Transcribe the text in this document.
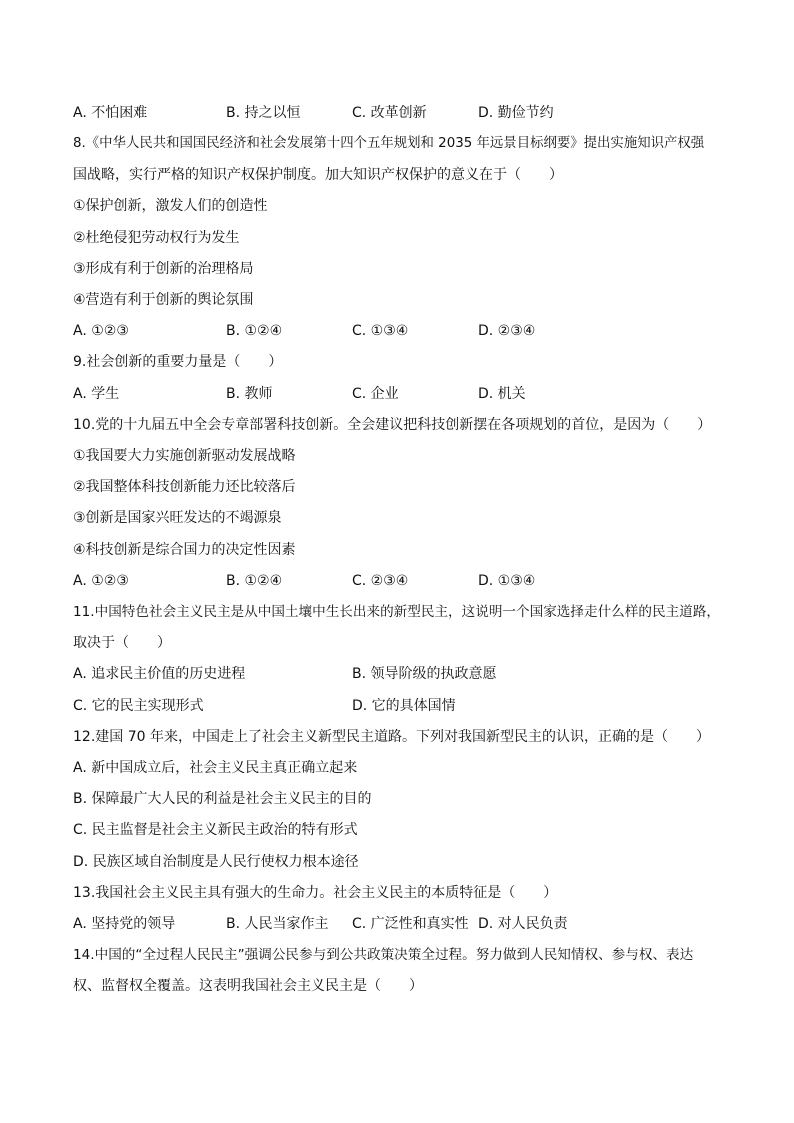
A. 不怕困难	B. 持之以恒	C. 改革创新	D. 勤俭节约
8.《中华人民共和国国民经济和社会发展第十四个五年规划和 2035 年远景目标纲要》提出实施知识产权强
国战略，实行严格的知识产权保护制度。加大知识产权保护的意义在于（　　）
①保护创新，激发人们的创造性
②杜绝侵犯劳动权行为发生
③形成有利于创新的治理格局
④营造有利于创新的舆论氛围
A. ①②③	B. ①②④	C. ①③④	D. ②③④
9.社会创新的重要力量是（　　）
A. 学生	B. 教师	C. 企业	D. 机关
10.党的十九届五中全会专章部署科技创新。全会建议把科技创新摆在各项规划的首位，是因为（　　）
①我国要大力实施创新驱动发展战略
②我国整体科技创新能力还比较落后
③创新是国家兴旺发达的不竭源泉
④科技创新是综合国力的决定性因素
A. ①②③	B. ①②④	C. ②③④	D. ①③④
11.中国特色社会主义民主是从中国土壤中生长出来的新型民主，这说明一个国家选择走什么样的民主道路，
取决于（　　）
A. 追求民主价值的历史进程	B. 领导阶级的执政意愿
C. 它的民主实现形式	D. 它的具体国情
12.建国 70 年来，中国走上了社会主义新型民主道路。下列对我国新型民主的认识，正确的是（　　）
A. 新中国成立后，社会主义民主真正确立起来
B. 保障最广大人民的利益是社会主义民主的目的
C. 民主监督是社会主义新民主政治的特有形式
D. 民族区域自治制度是人民行使权力根本途径
13.我国社会主义民主具有强大的生命力。社会主义民主的本质特征是（　　）
A. 坚持党的领导	B. 人民当家作主 C. 广泛性和真实性 D. 对人民负责
14.中国的“全过程人民民主”强调公民参与到公共政策决策全过程。努力做到人民知情权、参与权、表达
权、监督权全覆盖。这表明我国社会主义民主是（　　）
